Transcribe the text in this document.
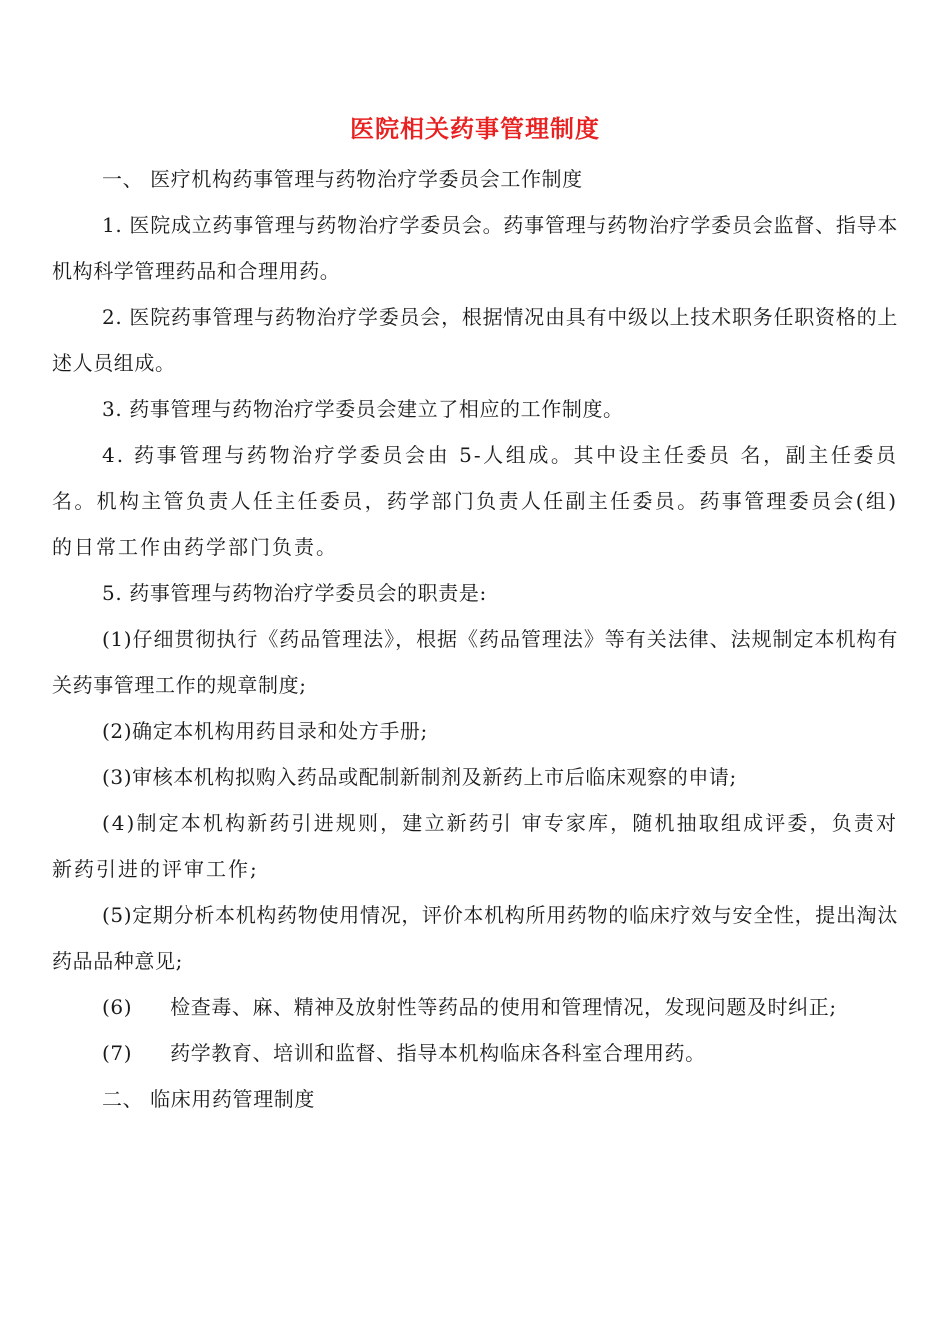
医院相关药事管理制度

一、 医疗机构药事管理与药物治疗学委员会工作制度

1. 医院成立药事管理与药物治疗学委员会。药事管理与药物治疗学委员会监督、指导本机构科学管理药品和合理用药。

2. 医院药事管理与药物治疗学委员会，根据情况由具有中级以上技术职务任职资格的上述人员组成。

3. 药事管理与药物治疗学委员会建立了相应的工作制度。

4. 药事管理与药物治疗学委员会由 5-人组成。其中设主任委员 名，副主任委员 名。机构主管负责人任主任委员，药学部门负责人任副主任委员。药事管理委员会(组)的日常工作由药学部门负责。

5. 药事管理与药物治疗学委员会的职责是:

(1)仔细贯彻执行《药品管理法》，根据《药品管理法》等有关法律、法规制定本机构有关药事管理工作的规章制度;

(2)确定本机构用药目录和处方手册;

(3)审核本机构拟购入药品或配制新制剂及新药上市后临床观察的申请;

(4)制定本机构新药引进规则，建立新药引 审专家库，随机抽取组成评委，负责对新药引进的评审工作;

(5)定期分析本机构药物使用情况，评价本机构所用药物的临床疗效与安全性，提出淘汰药品品种意见;

(6) 检查毒、麻、精神及放射性等药品的使用和管理情况，发现问题及时纠正;

(7) 药学教育、培训和监督、指导本机构临床各科室合理用药。

二、 临床用药管理制度
